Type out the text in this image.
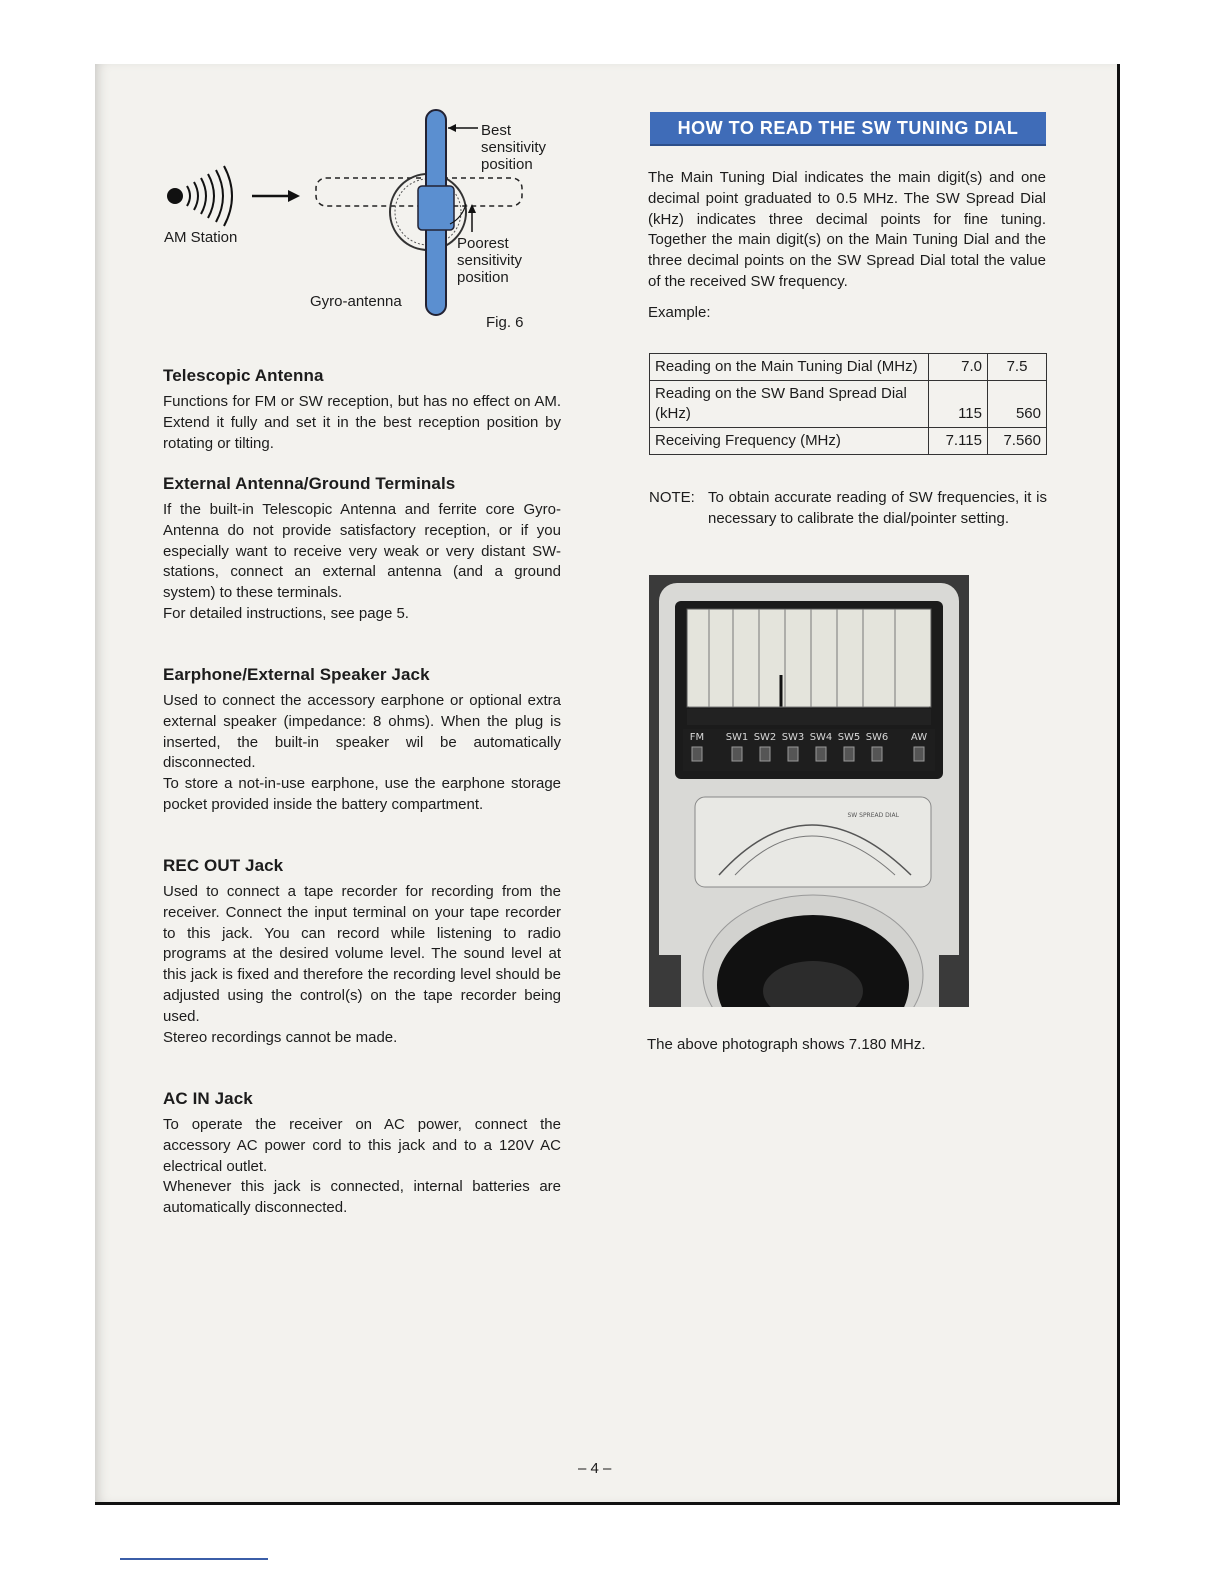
Best
sensitivity
position
AM Station	Poorest
sensitivity
position
Gyro-antenna
Fig. 6
Telescopic Antenna

Functions for FM or SW reception, but has no effect on AM. Extend it fully and set it in the best reception position by rotating or tilting.

External Antenna/Ground Terminals

If the built-in Telescopic Antenna and ferrite core Gyro-Antenna do not provide satisfactory reception, or if you especially want to receive very weak or very distant SW-stations, connect an external antenna (and a ground system) to these terminals.

For detailed instructions, see page 5.

Earphone/External Speaker Jack

Used to connect the accessory earphone or optional extra external speaker (impedance: 8 ohms). When the plug is inserted, the built-in speaker wil be automatically disconnected.

To store a not-in-use earphone, use the earphone storage pocket provided inside the battery compartment.

REC OUT Jack

Used to connect a tape recorder for recording from the receiver. Connect the input terminal on your tape recorder to this jack. You can record while listening to radio programs at the desired volume level. The sound level at this jack is fixed and therefore the recording level should be adjusted using the control(s) on the tape recorder being used.

Stereo recordings cannot be made.

AC IN Jack

To operate the receiver on AC power, connect the accessory AC power cord to this jack and to a 120V AC electrical outlet.

Whenever this jack is connected, internal batteries are automatically disconnected.

HOW TO READ THE SW TUNING DIAL

The Main Tuning Dial indicates the main digit(s) and one decimal point graduated to 0.5 MHz. The SW Spread Dial (kHz) indicates three decimal points for fine tuning. Together the main digit(s) on the Main Tuning Dial and the three decimal points on the SW Spread Dial total the value of the received SW frequency.

Example:

Reading on the Main Tuning Dial (MHz)	7.0	7.5
Reading on the SW Band Spread Dial (kHz)	115	560
Receiving Frequency (MHz)	7.115	7.560
NOTE: To obtain accurate reading of SW frequencies, it is necessary to calibrate the dial/pointer setting.
FM SW1 SW2 SW3 SW4 SW5 SW6 AW
SW SPREAD DIAL
The above photograph shows 7.180 MHz.
– 4 –
